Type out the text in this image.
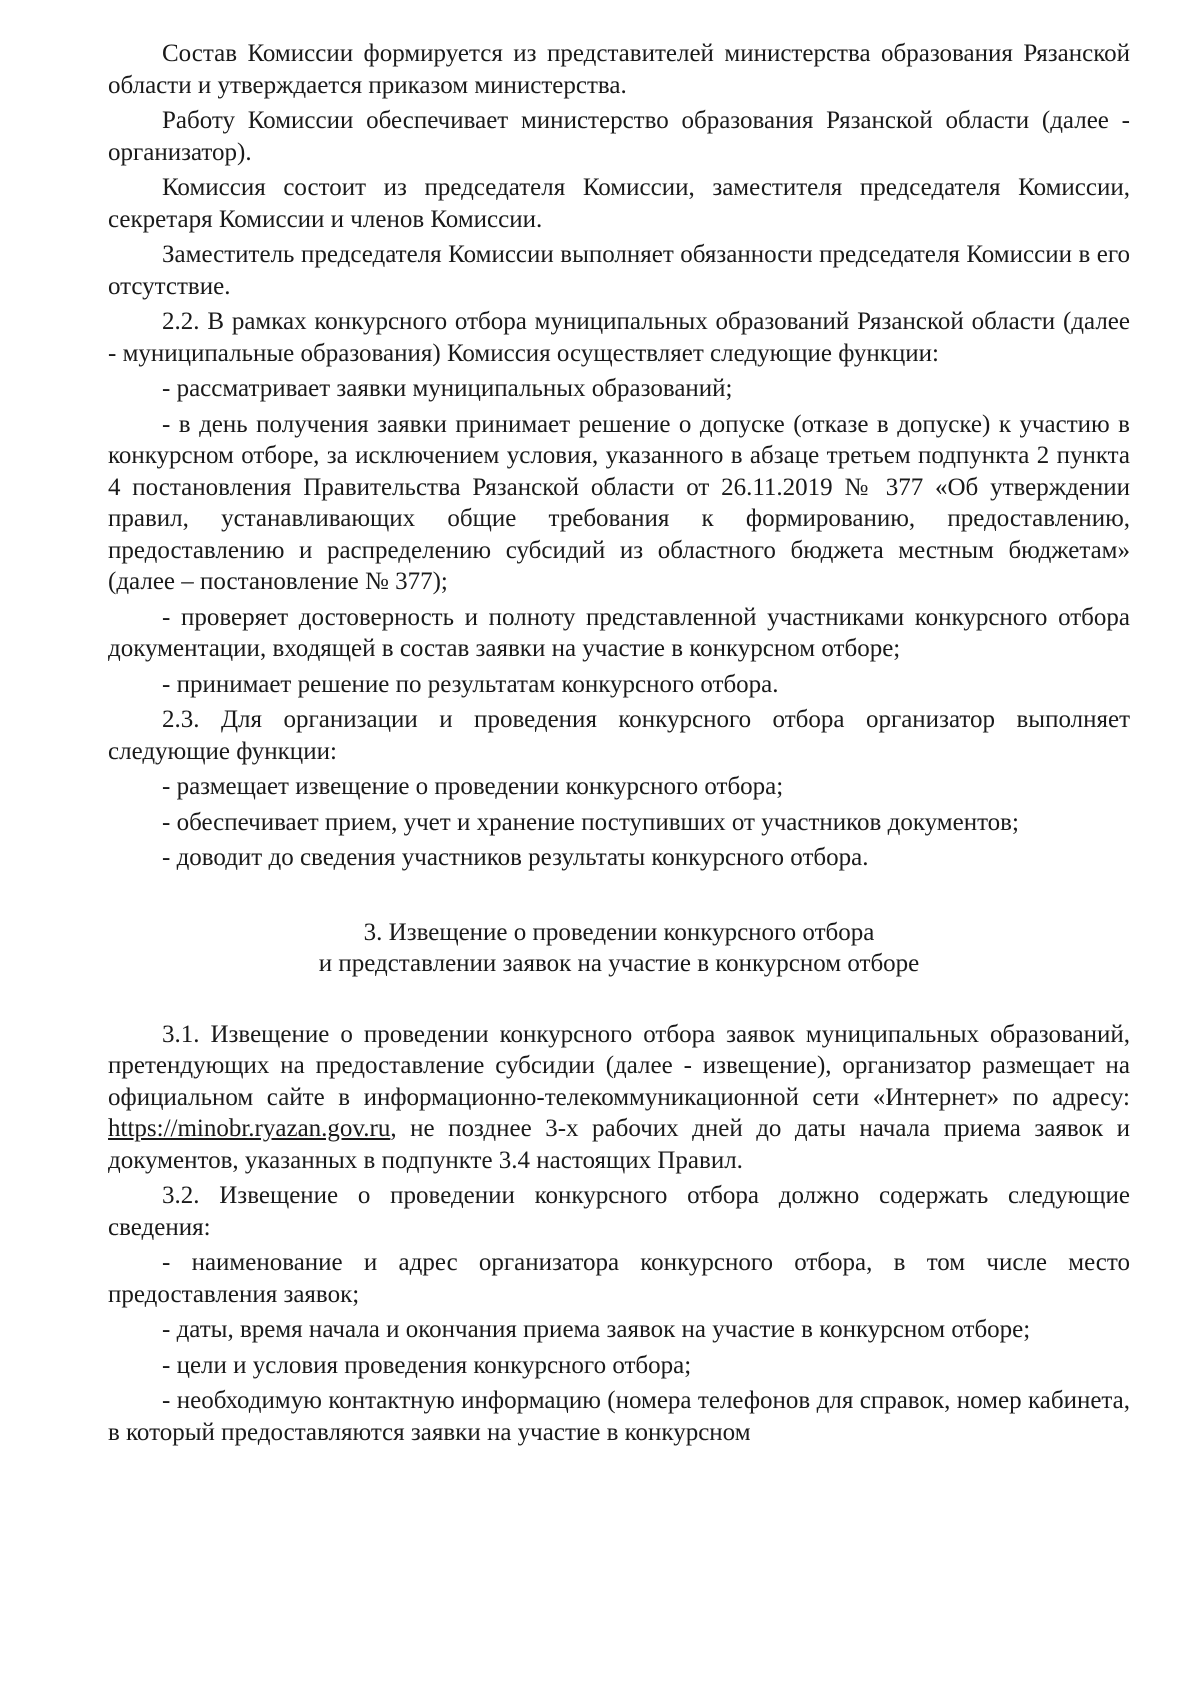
Состав Комиссии формируется из представителей министерства образования Рязанской области и утверждается приказом министерства.

Работу Комиссии обеспечивает министерство образования Рязанской области (далее - организатор).

Комиссия состоит из председателя Комиссии, заместителя председателя Комиссии, секретаря Комиссии и членов Комиссии.

Заместитель председателя Комиссии выполняет обязанности председателя Комиссии в его отсутствие.

2.2. В рамках конкурсного отбора муниципальных образований Рязанской области (далее - муниципальные образования) Комиссия осуществляет следующие функции:

- рассматривает заявки муниципальных образований;

- в день получения заявки принимает решение о допуске (отказе в допуске) к участию в конкурсном отборе, за исключением условия, указанного в абзаце третьем подпункта 2 пункта 4 постановления Правительства Рязанской области от 26.11.2019 № 377 «Об утверждении правил, устанавливающих общие требования к формированию, предоставлению, предоставлению и распределению субсидий из областного бюджета местным бюджетам» (далее – постановление № 377);

- проверяет достоверность и полноту представленной участниками конкурсного отбора документации, входящей в состав заявки на участие в конкурсном отборе;

- принимает решение по результатам конкурсного отбора.

2.3. Для организации и проведения конкурсного отбора организатор выполняет следующие функции:

- размещает извещение о проведении конкурсного отбора;

- обеспечивает прием, учет и хранение поступивших от участников документов;

- доводит до сведения участников результаты конкурсного отбора.

3. Извещение о проведении конкурсного отбора
и представлении заявок на участие в конкурсном отборе

3.1. Извещение о проведении конкурсного отбора заявок муниципальных образований, претендующих на предоставление субсидии (далее - извещение), организатор размещает на официальном сайте в информационно-телекоммуникационной сети «Интернет» по адресу: https://minobr.ryazan.gov.ru, не позднее 3-х рабочих дней до даты начала приема заявок и документов, указанных в подпункте 3.4 настоящих Правил.

3.2. Извещение о проведении конкурсного отбора должно содержать следующие сведения:

- наименование и адрес организатора конкурсного отбора, в том числе место предоставления заявок;

- даты, время начала и окончания приема заявок на участие в конкурсном отборе;

- цели и условия проведения конкурсного отбора;

- необходимую контактную информацию (номера телефонов для справок, номер кабинета, в который предоставляются заявки на участие в конкурсном
